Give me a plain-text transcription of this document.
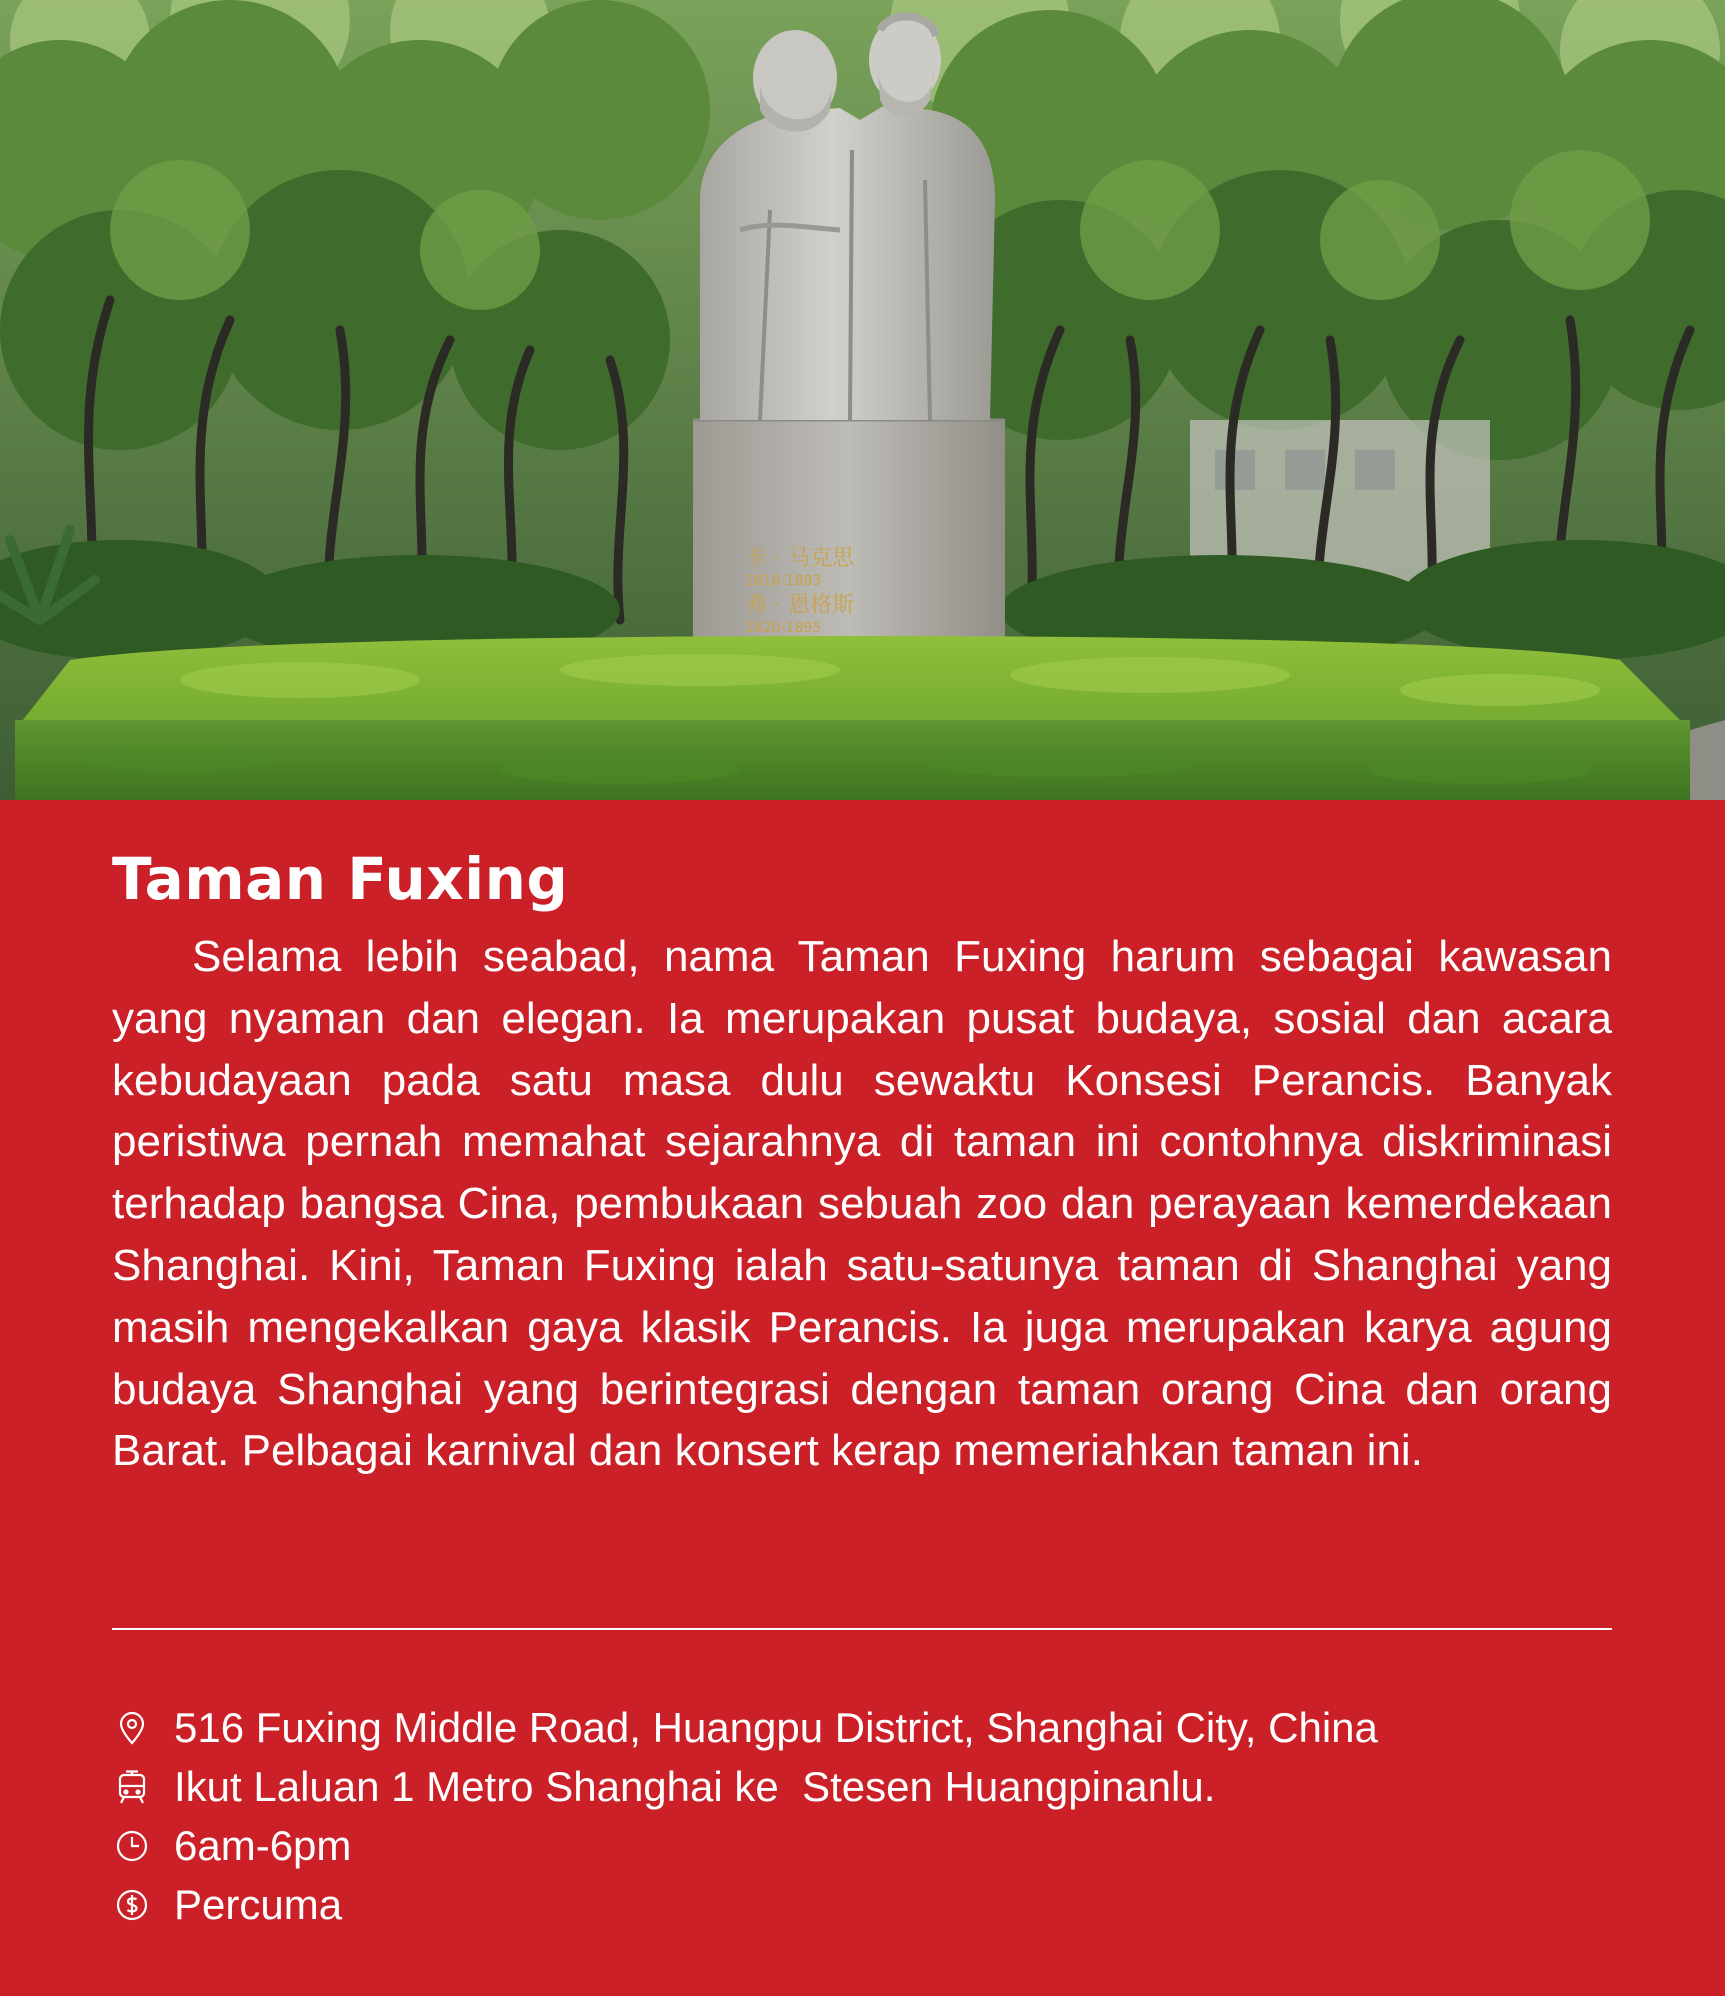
卡 · 马克思
1818-1883
弗 · 恩格斯
1820-1895
Taman Fuxing

Selama lebih seabad, nama Taman Fuxing harum sebagai kawasan yang nyaman dan elegan. Ia merupakan pusat budaya, sosial dan acara kebudayaan pada satu masa dulu sewaktu Konsesi Perancis. Banyak peristiwa pernah memahat sejarahnya di taman ini contohnya diskriminasi terhadap bangsa Cina, pembukaan sebuah zoo dan perayaan kemerdekaan Shanghai. Kini, Taman Fuxing ialah satu-satunya taman di Shanghai yang masih mengekalkan gaya klasik Perancis. Ia juga merupakan karya agung budaya Shanghai yang berintegrasi dengan taman orang Cina dan orang Barat. Pelbagai karnival dan konsert kerap memeriahkan taman ini.

516 Fuxing Middle Road, Huangpu District, Shanghai City, China
Ikut Laluan 1 Metro Shanghai ke  Stesen Huangpinanlu.
6am-6pm
Percuma
